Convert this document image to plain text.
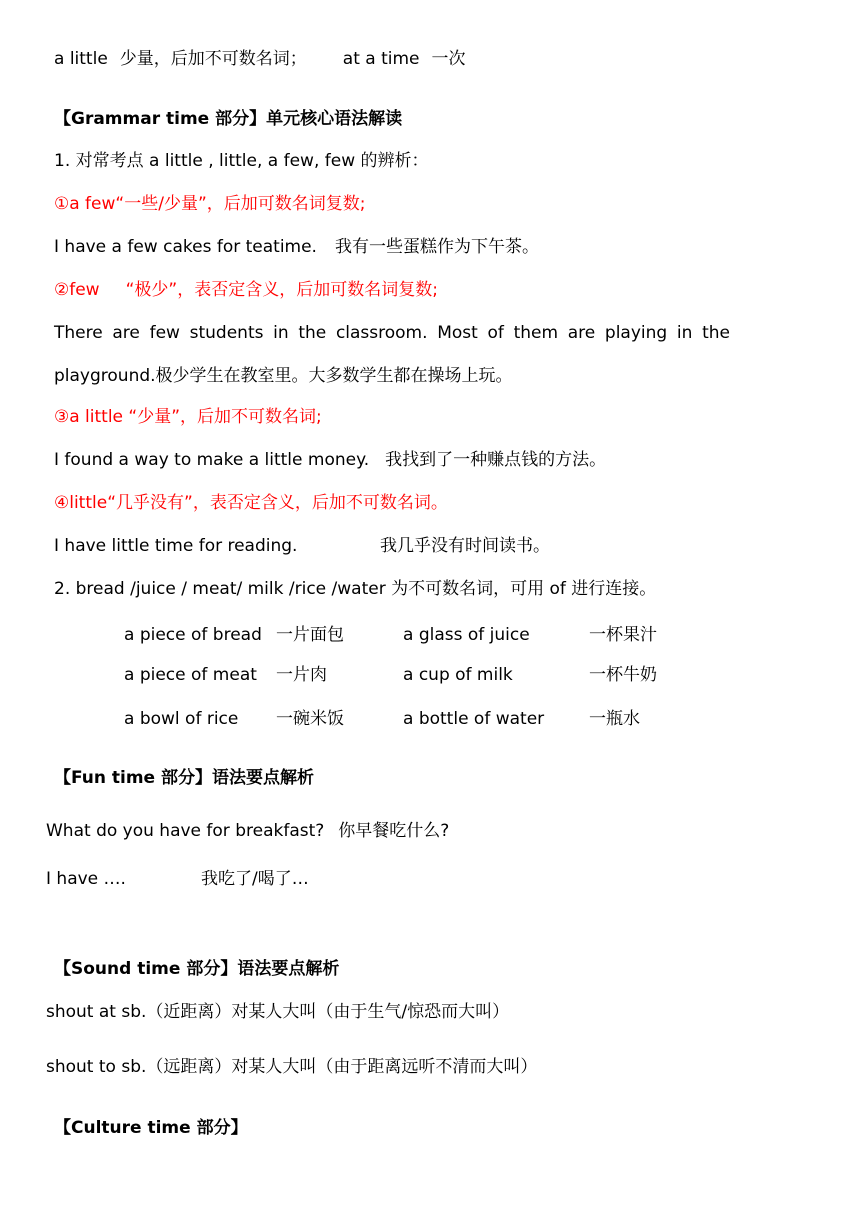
a little 少量，后加不可数名词； at a time 一次
【Grammar time 部分】单元核心语法解读
1. 对常考点 a little , little, a few, few 的辨析：
①a few“一些/少量”，后加可数名词复数;
I have a few cakes for teatime. 我有一些蛋糕作为下午茶。
②few “极少”，表否定含义，后加可数名词复数;
There are few students in the classroom. Most of them are playing in the
playground.极少学生在教室里。大多数学生都在操场上玩。
③a little “少量”，后加不可数名词;
I found a way to make a little money. 我找到了一种赚点钱的方法。
④little“几乎没有”，表否定含义，后加不可数名词。
I have little time for reading.	我几乎没有时间读书。
2. bread /juice / meat/ milk /rice /water 为不可数名词，可用 of 进行连接。
a piece of bread 一片面包	a glass of juice	一杯果汁
a piece of meat 一片肉	a cup of milk	一杯牛奶
a bowl of rice 一碗米饭	a bottle of water	一瓶水
【Fun time 部分】语法要点解析
What do you have for breakfast? 你早餐吃什么?
I have ….	我吃了/喝了…
【Sound time 部分】语法要点解析
shout at sb.（近距离）对某人大叫（由于生气/惊恐而大叫）
shout to sb.（远距离）对某人大叫（由于距离远听不清而大叫）
【Culture time 部分】
